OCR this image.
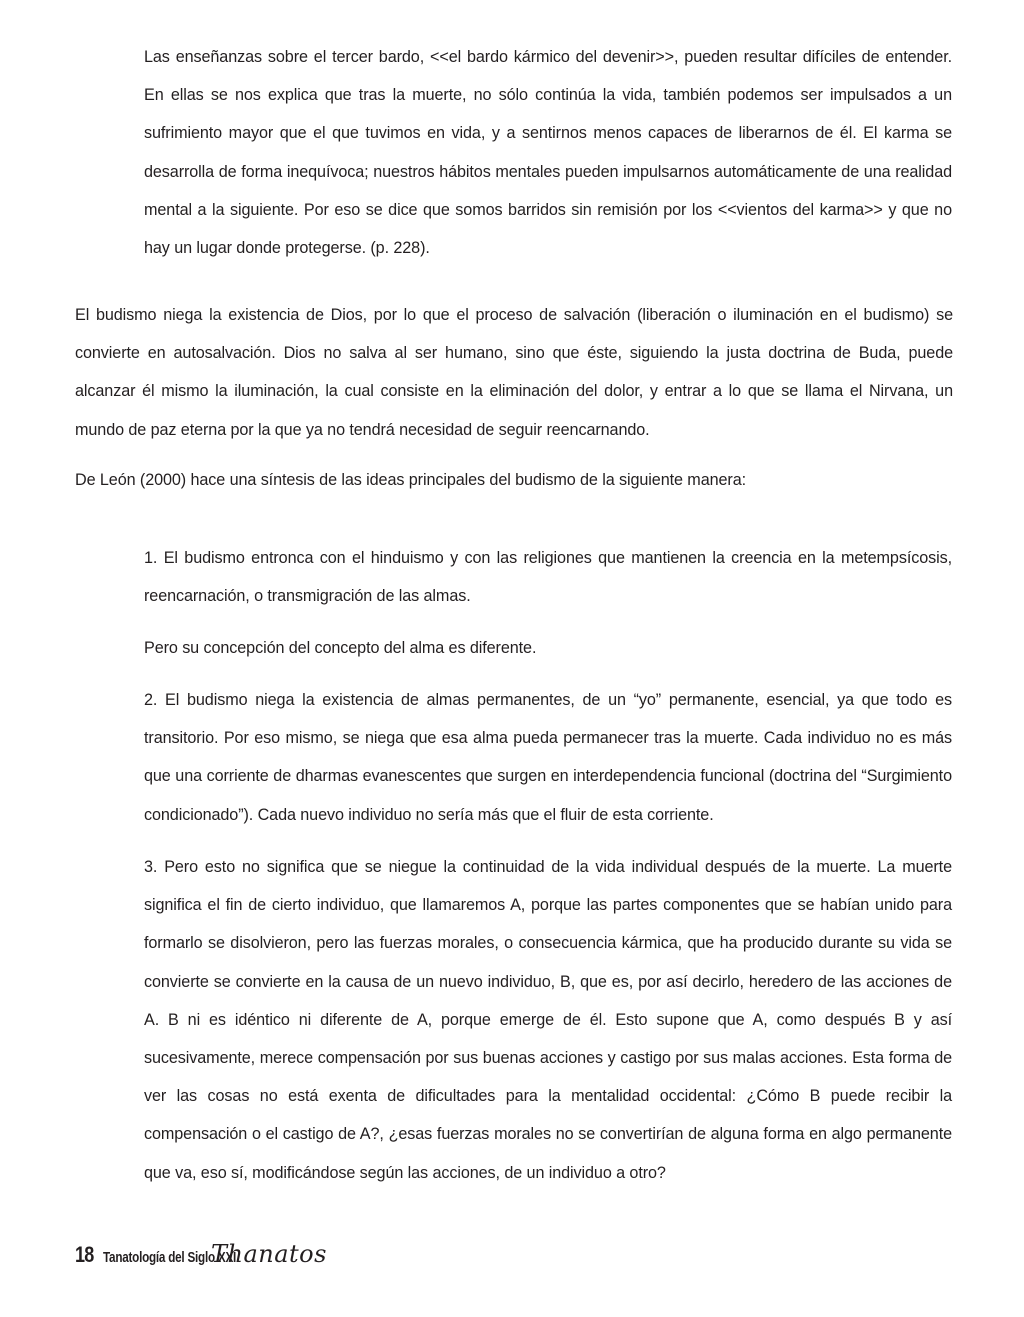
Las enseñanzas sobre el tercer bardo, <<el bardo kármico del devenir>>, pueden resultar difíciles de entender. En ellas se nos explica que tras la muerte, no sólo continúa la vida, también podemos ser impulsados a un sufrimiento mayor que el que tuvimos en vida, y a sentirnos menos capaces de liberarnos de él. El karma se desarrolla de forma inequívoca; nuestros hábitos mentales pueden impulsarnos automáticamente de una realidad mental a la siguiente. Por eso se dice que somos barridos sin remisión por los <<vientos del karma>> y que no hay un lugar donde protegerse. (p. 228).

El budismo niega la existencia de Dios, por lo que el proceso de salvación (liberación o iluminación en el budismo) se convierte en autosalvación. Dios no salva al ser humano, sino que éste, siguiendo la justa doctrina de Buda, puede alcanzar él mismo la iluminación, la cual consiste en la eliminación del dolor, y entrar a lo que se llama el Nirvana, un mundo de paz eterna por la que ya no tendrá necesidad de seguir reencarnando.

De León (2000) hace una síntesis de las ideas principales del budismo de la siguiente manera:

1. El budismo entronca con el hinduismo y con las religiones que mantienen la creencia en la metempsícosis, reencarnación, o transmigración de las almas.

Pero su concepción del concepto del alma es diferente.

2. El budismo niega la existencia de almas permanentes, de un “yo” permanente, esencial, ya que todo es transitorio. Por eso mismo, se niega que esa alma pueda permanecer tras la muerte. Cada individuo no es más que una corriente de dharmas evanescentes que surgen en interdependencia funcional (doctrina del “Surgimiento condicionado”). Cada nuevo individuo no sería más que el fluir de esta corriente.

3. Pero esto no significa que se niegue la continuidad de la vida individual después de la muerte. La muerte significa el fin de cierto individuo, que llamaremos A, porque las partes componentes que se habían unido para formarlo se disolvieron, pero las fuerzas morales, o consecuencia kármica, que ha producido durante su vida se convierte se convierte en la causa de un nuevo individuo, B, que es, por así decirlo, heredero de las acciones de A. B ni es idéntico ni diferente de A, porque emerge de él. Esto supone que A, como después B y así sucesivamente, merece compensación por sus buenas acciones y castigo por sus malas acciones. Esta forma de ver las cosas no está exenta de dificultades para la mentalidad occidental: ¿Cómo B puede recibir la compensación o el castigo de A?, ¿esas fuerzas morales no se convertirían de alguna forma en algo permanente que va, eso sí, modificándose según las acciones, de un individuo a otro?

18 Tanatología del Siglo XXI
Thanatos
